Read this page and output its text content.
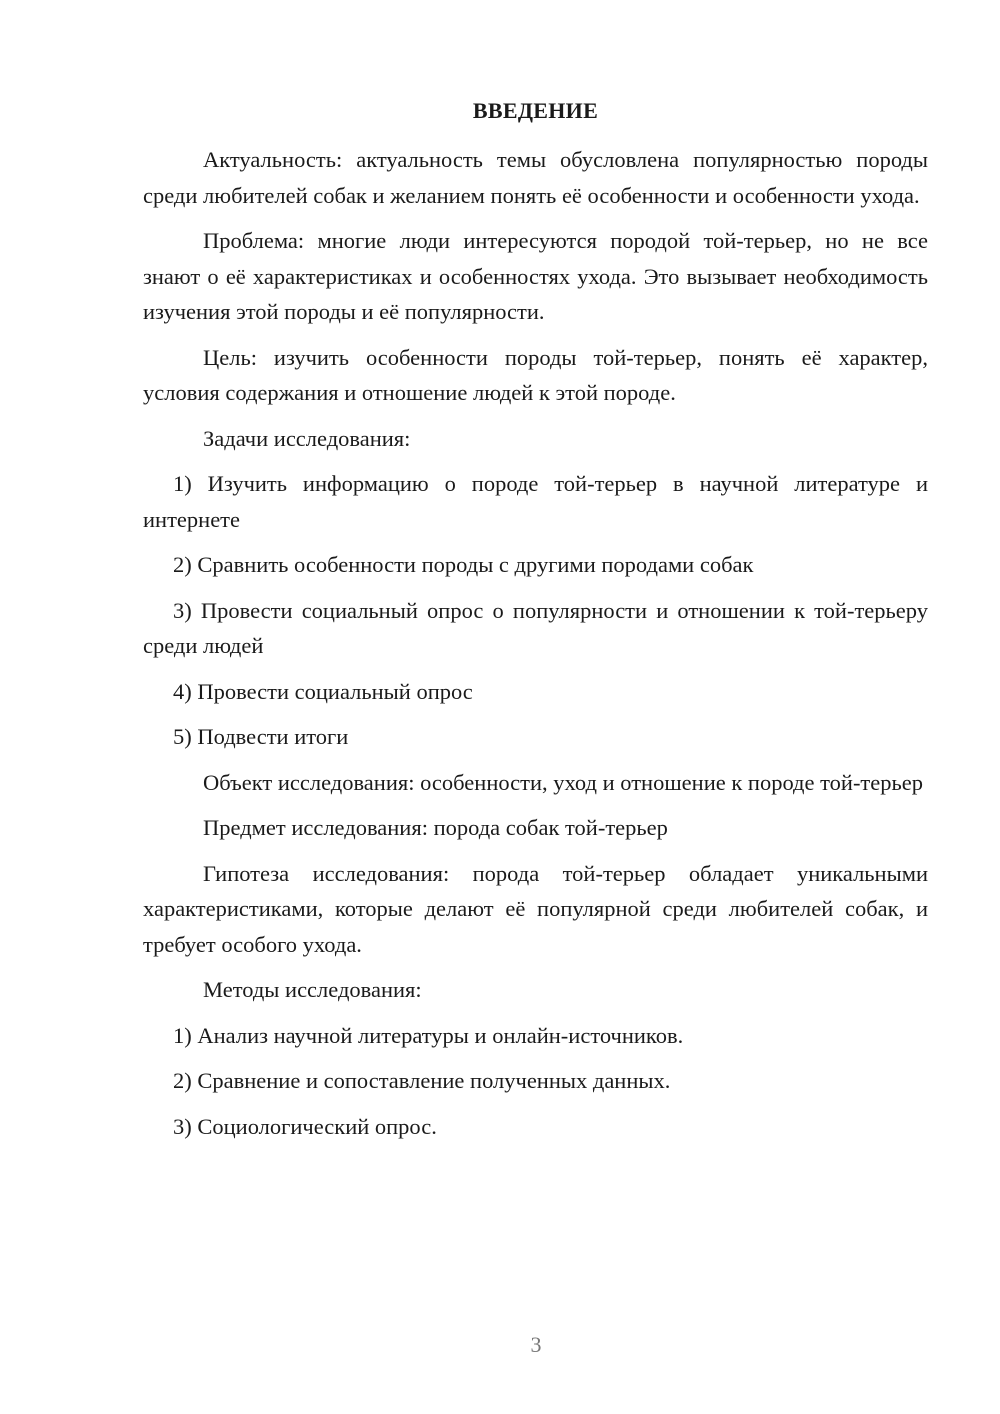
ВВЕДЕНИЕ

Актуальность: актуальность темы обусловлена популярностью породы среди любителей собак и желанием понять её особенности и особенности ухода.

Проблема: многие люди интересуются породой той-терьер, но не все знают о её характеристиках и особенностях ухода. Это вызывает необходимость изучения этой породы и её популярности.

Цель: изучить особенности породы той-терьер, понять её характер, условия содержания и отношение людей к этой породе.

Задачи исследования:

1) Изучить информацию о породе той-терьер в научной литературе и интернете

2) Сравнить особенности породы с другими породами собак

3) Провести социальный опрос о популярности и отношении к той-терьеру среди людей

4) Провести социальный опрос

5) Подвести итоги

Объект исследования: особенности, уход и отношение к породе той-терьер

Предмет исследования: порода собак той-терьер

Гипотеза исследования: порода той-терьер обладает уникальными характеристиками, которые делают её популярной среди любителей собак, и требует особого ухода.

Методы исследования:

1) Анализ научной литературы и онлайн-источников.

2) Сравнение и сопоставление полученных данных.

3) Социологический опрос.

3
